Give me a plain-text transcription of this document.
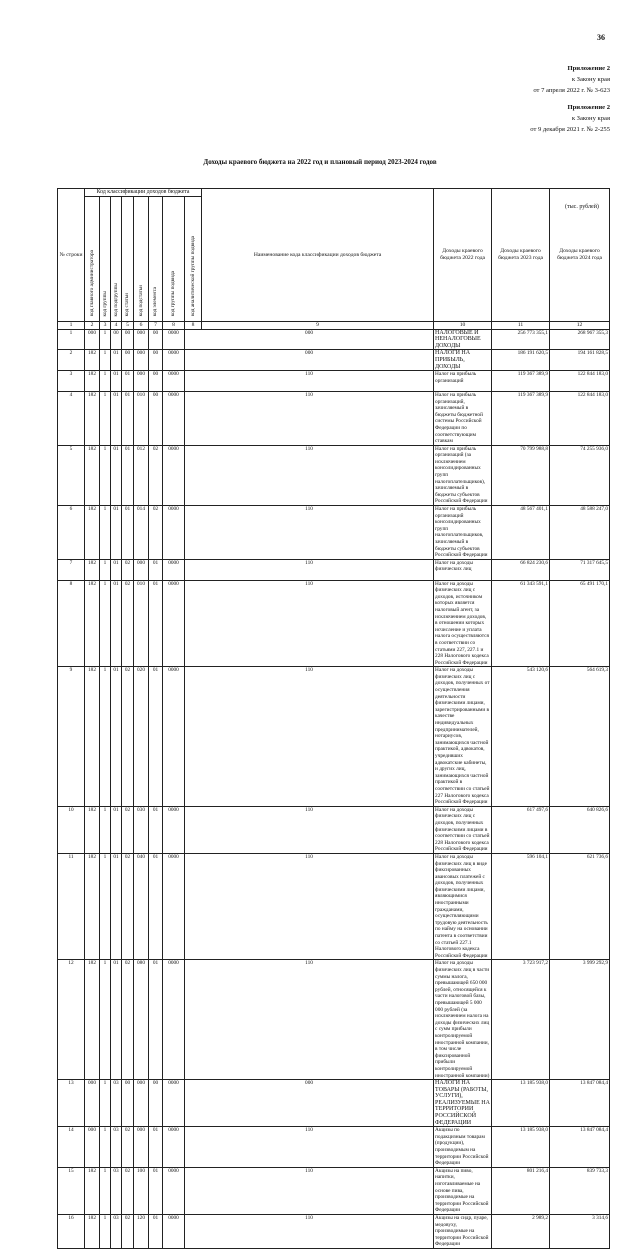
36
Приложение 2
к Закону края
от 7 апреля 2022 г. № 3-623
Приложение 2
к Закону края
от 9 декабря 2021 г. № 2-255
Доходы краевого бюджета на 2022 год и плановый период 2023-2024 годов
(тыс. рублей)
№ строки	Код классификации доходов бюджета								Наименование кода классификации доходов бюджета	Доходы краевого бюджета 2022 года	Доходы краевого бюджета 2023 года	Доходы краевого бюджета 2024 года	
	код главного администратора	код группы	код подгруппы	код статьи	код подстатьи	код элемента	код группы подвида	код аналитической группы подвида					
1	2	3	4	5	6	7	8	8	9	10	11	12	
1	000	1	00	00	000	00	0000	000		НАЛОГОВЫЕ И НЕНАЛОГОВЫЕ ДОХОДЫ	256 773 355,1	268 967 355,3	
2	182	1	01	00	000	00	0000	000		НАЛОГИ НА ПРИБЫЛЬ, ДОХОДЫ	186 191 620,5	194 161 828,5	
3	182	1	01	01	000	00	0000	110		Налог на прибыль организаций	119 367 389,9	122 844 183,0	
4	182	1	01	01	010	00	0000	110		Налог на прибыль организаций, зачисляемый в бюджеты бюджетной системы Российской Федерации по соответствующим ставкам	119 367 389,9	122 844 183,0	
5	182	1	01	01	012	02	0000	110		Налог на прибыль организаций (за исключением консолидированных групп налогоплательщиков), зачисляемый в бюджеты субъектов Российской Федерации	70 799 988,8	74 255 936,0	
6	182	1	01	01	014	02	0000	110		Налог на прибыль организаций консолидированных групп налогоплательщиков, зачисляемый в бюджеты субъектов Российской Федерации	48 567 401,1	48 588 247,0	
7	182	1	01	02	000	01	0000	110		Налог на доходы физических лиц	66 824 230,6	71 317 645,5	
8	182	1	01	02	010	01	0000	110		Налог на доходы физических лиц с доходов, источником которых является налоговый агент, за исключением доходов, в отношении которых исчисление и уплата налога осуществляются в соответствии со статьями 227, 227.1 и 228 Налогового кодекса Российской Федерации	61 343 591,1	65 491 170,1	
9	182	1	01	02	020	01	0000	110		Налог на доходы физических лиц с доходов, полученных от осуществления деятельности физическими лицами, зарегистрированными в качестве индивидуальных предпринимателей, нотариусов, занимающихся частной практикой, адвокатов, учредивших адвокатские кабинеты, и других лиц, занимающихся частной практикой в соответствии со статьей 227 Налогового кодекса Российской Федерации	543 120,6	564 619,3	
10	182	1	01	02	030	01	0000	110		Налог на доходы физических лиц с доходов, полученных физическими лицами в соответствии со статьей 228 Налогового кодекса Российской Федерации	617 497,6	640 826,6	
11	182	1	01	02	040	01	0000	110		Налог на доходы физических лиц в виде фиксированных авансовых платежей с доходов, полученных физическими лицами, являющимися иностранными гражданами, осуществляющими трудовую деятельность по найму на основании патента в соответствии со статьей 227.1 Налогового кодекса Российской Федерации	596 104,1	621 736,6	
12	182	1	01	02	080	01	0000	110		Налог на доходы физических лиц в части суммы налога, превышающей 650 000 рублей, относящейся к части налоговой базы, превышающей 5 000 000 рублей (за исключением налога на доходы физических лиц с сумм прибыли контролируемой иностранной компании, в том числе фиксированной прибыли контролируемой иностранной компании)	3 723 917,2	3 999 292,9	
13	000	1	03	00	000	00	0000	000		НАЛОГИ НА ТОВАРЫ (РАБОТЫ, УСЛУГИ), РЕАЛИЗУЕМЫЕ НА ТЕРРИТОРИИ РОССИЙСКОЙ ФЕДЕРАЦИИ	13 185 938,0	13 847 084,4	
14	000	1	03	02	000	01	0000	110		Акцизы по подакцизным товарам (продукции), производимым на территории Российской Федерации	13 185 938,0	13 847 084,4	
15	182	1	03	02	100	01	0000	110		Акцизы на пиво, напитки, изготавливаемые на основе пива, производимые на территории Российской Федерации	801 216,4	839 733,3	
16	182	1	03	02	120	01	0000	110		Акцизы на сидр, пуаре, медовуху, производимые на территории Российской Федерации	2 989,2	3 314,6	
